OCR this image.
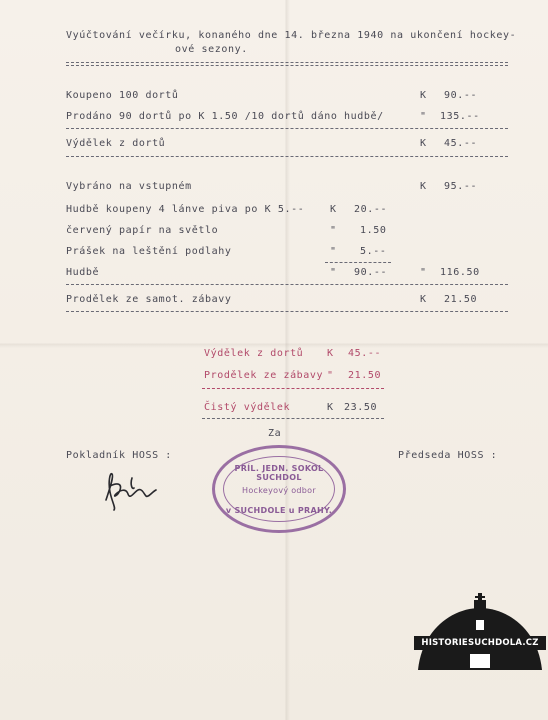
Vyúčtování večírku, konaného dne 14. března 1940 na ukončení hockey-
ové sezony.
Koupeno 100 dortů	K 90.--
Prodáno 90 dortů po K 1.50 /10 dortů dáno hudbě/	" 135.--
Výdělek z dortů	K 45.--
Vybráno na vstupném	K 95.--
Hudbě koupeny 4 lánve piva po K 5.--	K 20.--
červený papír na světlo	" 1.50
Prášek na leštění podlahy	" 5.--
Hudbě	" 90.--	" 116.50
Prodělek ze samot. zábavy	K 21.50
Výdělek z dortů K 45.--
Prodělek ze zábavy " 21.50
Čistý výdělek	K 23.50
Za
Pokladník HOSS :	Předseda HOSS :
PŘÍL. JEDN. SOKOL SUCHDOL
Hockeyový odbor
v SUCHDOLE u PRAHY.
HISTORIESUCHDOLA.CZ
